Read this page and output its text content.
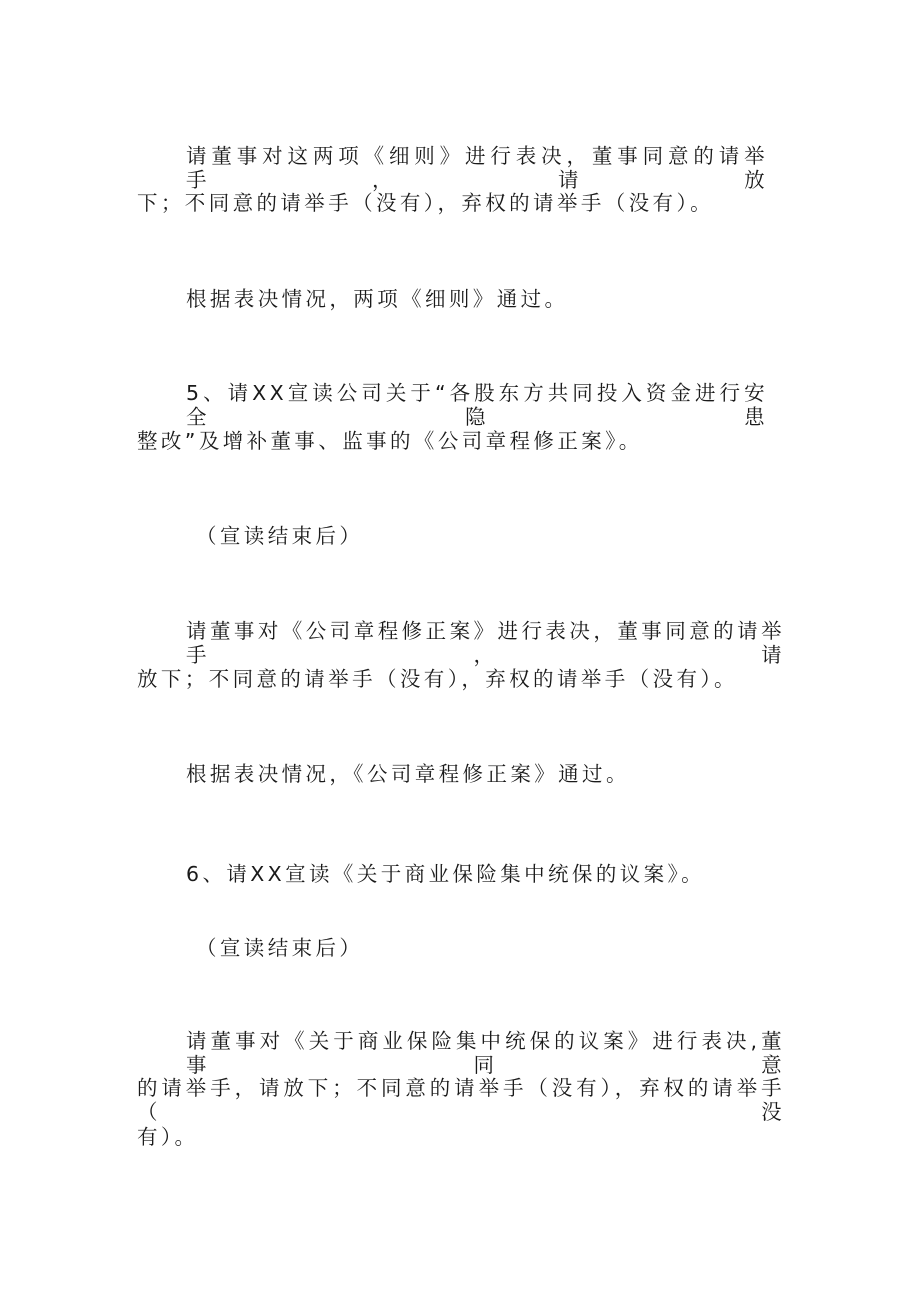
请董事对这两项《细则》进行表决，董事同意的请举手，请放
下；不同意的请举手（没有），弃权的请举手（没有）。
根据表决情况，两项《细则》通过。
5、请XX宣读公司关于“各股东方共同投入资金进行安全隐患
整改”及增补董事、监事的《公司章程修正案》。
（宣读结束后）
请董事对《公司章程修正案》进行表决，董事同意的请举手，请
放下；不同意的请举手（没有），弃权的请举手（没有）。
根据表决情况，《公司章程修正案》通过。
6、请XX宣读《关于商业保险集中统保的议案》。
（宣读结束后）
请董事对《关于商业保险集中统保的议案》进行表决,董事同意
的请举手，请放下；不同意的请举手（没有），弃权的请举手（没
有）。
